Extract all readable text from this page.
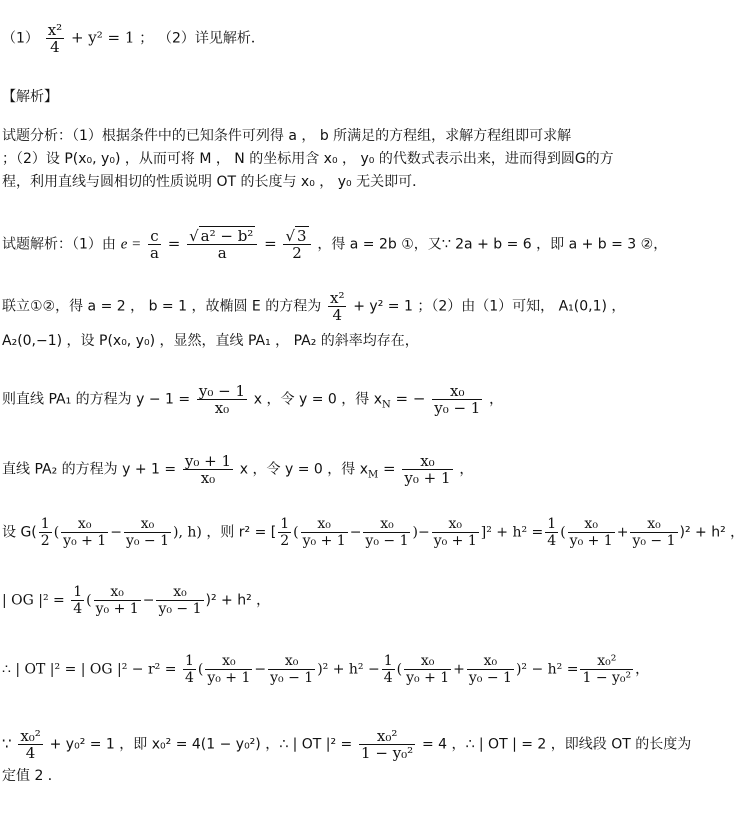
$(1) \frac{\text{x²}}{4} + y^2 = 1$ ； （2）详见解析．
【解析】
试题分析：（1）根据条件中的已知条件可列得 a ， b 所满足的方程组，求解方程组即可求解
；（2）设 P(x₀, y₀) ，从而可将 M ， N 的坐标用含 x₀ ， y₀ 的代数式表示出来，进而得到圆G的方
程，利用直线与圆相切的性质说明 OT 的长度与 x₀ ， y₀ 无关即可．
试题解析：（1）由 $e = \frac{c}{a} = \frac{\text{√ a² − b²}}{a} = \frac{√ 3}{2}$ ，得 a = 2b ①，又∵ 2a + b = 6 ，即 a + b = 3 ②，
联立①②，得 a = 2 ， b = 1 ，故椭圆 E 的方程为 $\frac{\text{x²}}{4} + y^2 = 1$ ；（2）由（1）可知， A₁(0,1) ，
A₂(0,−1) ，设 P(x₀, y₀) ，显然，直线 PA₁ ， PA₂ 的斜率均存在，
则直线 PA₁ 的方程为 $y - 1 = \frac{\text{y₀ − 1}}{\text{x₀}}$ x ，令 y = 0 ，得 $x_N$ = − $\frac{\text{x₀}}{\text{y₀ − 1}}$ ，
直线 PA₂ 的方程为 $y + 1 = \frac{\text{y₀ + 1}}{\text{x₀}}$ x ，令 y = 0 ，得 $x_M = \frac{\text{x₀}}{\text{y₀ + 1}}$ ，
设 $G( \frac{1}{2}$ ( $\frac{\text{x₀}}{\text{y₀ + 1}} - \frac{\text{x₀}}{\text{y₀ − 1}}$ ), h) ，则 r² = [ $\frac{1}{2}$ ( $\frac{\text{x₀}}{\text{y₀ + 1}} - \frac{\text{x₀}}{\text{y₀ − 1}}$ )− $\frac{\text{x₀}}{\text{y₀ + 1}} ]^2 + h^2 = \frac{1}{4}$ ( $\frac{\text{x₀}}{\text{y₀ + 1}} + \frac{\text{x₀}}{\text{y₀ − 1}} )^2 + h^2$ ，
| OG $|^2 = \frac{1}{4}$ ( $\frac{\text{x₀}}{\text{y₀ + 1}} - \frac{\text{x₀}}{\text{y₀ − 1}} )^2 + h^2$ ，
∴ | OT |² = | OG $|^2 - r^2 = \frac{1}{4}$ ( $\frac{\text{x₀}}{\text{y₀ + 1}} - \frac{\text{x₀}}{\text{y₀ − 1}} )^2 + h^2 - \frac{1}{4}$ ( $\frac{\text{x₀}}{\text{y₀ + 1}} + \frac{\text{x₀}}{\text{y₀ − 1}} )^2 - h^2 = \frac{\text{x₀²}}{\text{1 − y₀²}}$ ，
∵ $\frac{\text{x₀²}}{4} + y_0^2 = 1$ ，即 x₀² = 4(1 − y₀²) ，∴ | OT $|^2 = \frac{\text{x₀²}}{\text{1 − y₀²}} = 4$ ，∴ | OT | = 2 ，即线段 OT 的长度为
定值 2 ．
